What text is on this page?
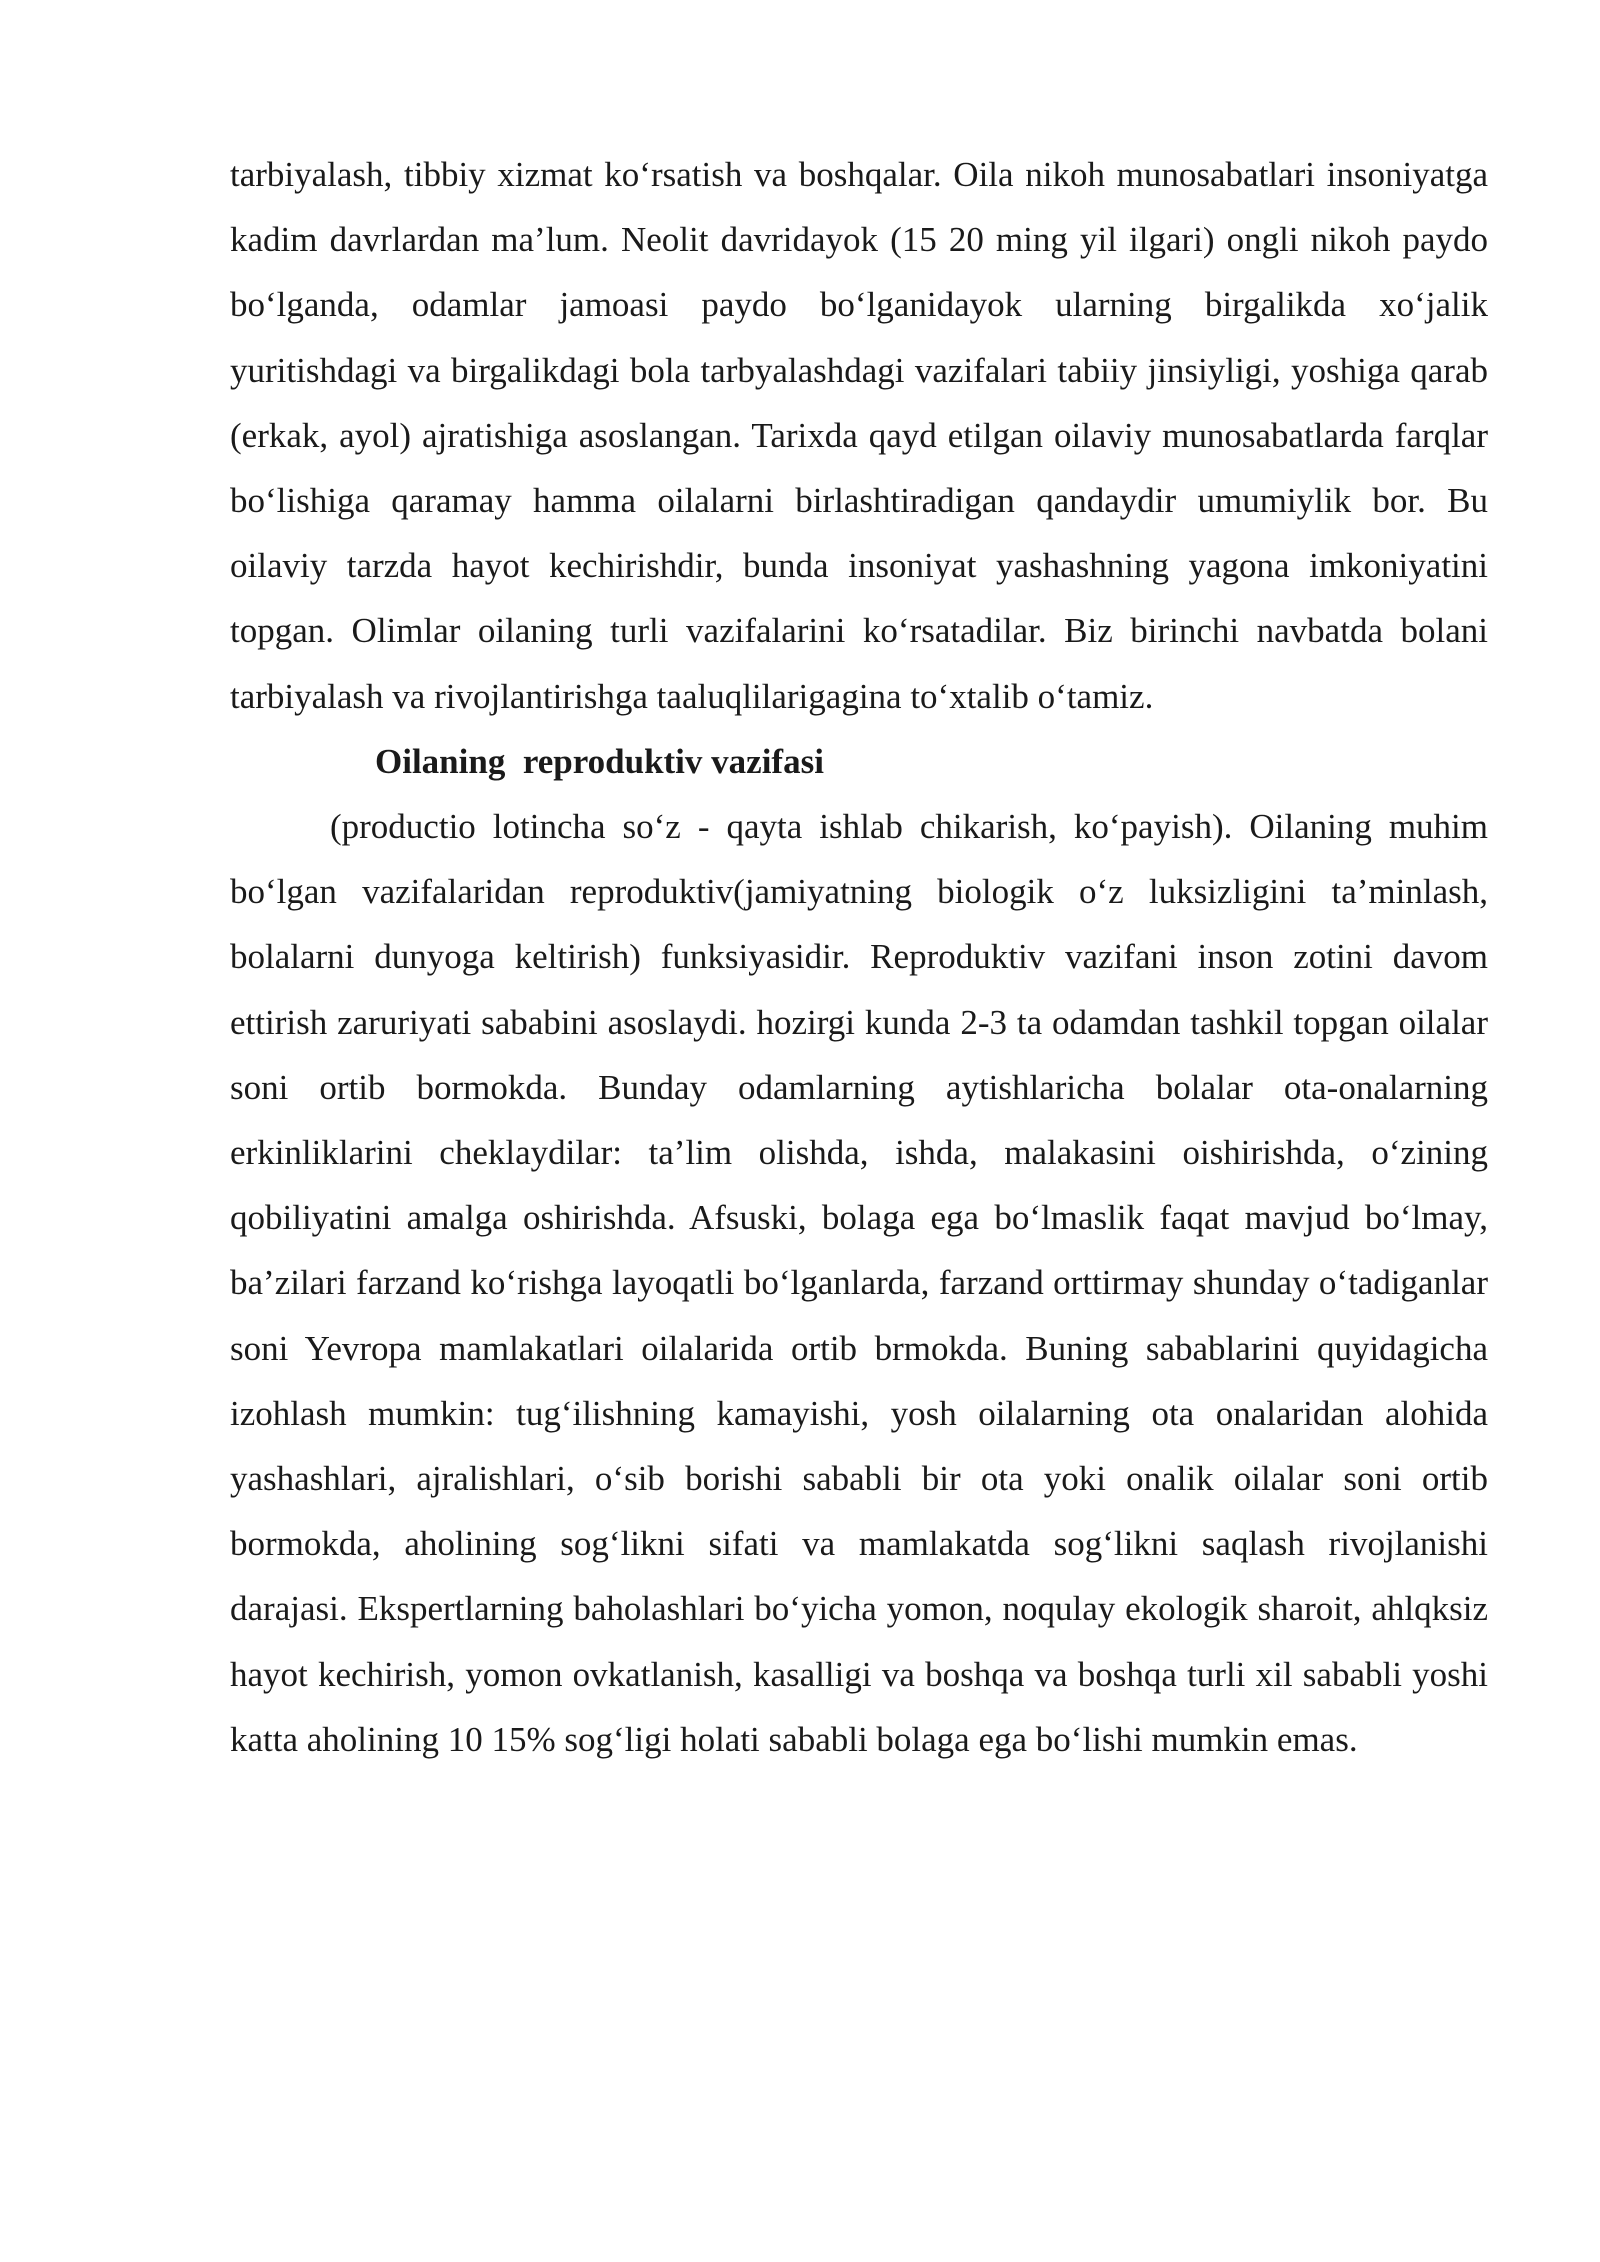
tarbiyalash, tibbiy xizmat ko‘rsatish va boshqalar. Oila nikoh munosabatlari insoniyatga kadim davrlardan ma’lum. Neolit davridayok (15 20 ming yil ilgari) ongli nikoh paydo bo‘lganda, odamlar jamoasi paydo bo‘lganidayok ularning birgalikda xo‘jalik yuritishdagi va birgalikdagi bola tarbyalashdagi vazifalari tabiiy jinsiyligi, yoshiga qarab (erkak, ayol) ajratishiga asoslangan. Tarixda qayd etilgan oilaviy munosabatlarda farqlar bo‘lishiga qaramay hamma oilalarni birlashtiradigan qandaydir umumiylik bor. Bu oilaviy tarzda hayot kechirishdir, bunda insoniyat yashashning yagona imkoniyatini topgan. Olimlar oilaning turli vazifalarini ko‘rsatadilar. Biz birinchi navbatda bolani tarbiyalash va rivojlantirishga taaluqlilarigagina to‘xtalib o‘tamiz.

Oilaning  reproduktiv vazifasi

(productio lotincha so‘z - qayta ishlab chikarish, ko‘payish). Oilaning muhim bo‘lgan vazifalaridan reproduktiv(jamiyatning biologik o‘z luksizligini ta’minlash, bolalarni dunyoga keltirish) funksiyasidir. Reproduktiv vazifani inson zotini davom ettirish zaruriyati sababini asoslaydi. hozirgi kunda 2-3 ta odamdan tashkil topgan oilalar soni ortib bormokda. Bunday odamlarning aytishlaricha bolalar ota-onalarning erkinliklarini cheklaydilar: ta’lim olishda, ishda, malakasini oishirishda, o‘zining qobiliyatini amalga oshirishda. Afsuski, bolaga ega bo‘lmaslik faqat mavjud bo‘lmay, ba’zilari farzand ko‘rishga layoqatli bo‘lganlarda, farzand orttirmay shunday o‘tadiganlar soni Yevropa mamlakatlari oilalarida ortib brmokda. Buning sabablarini quyidagicha izohlash mumkin: tug‘ilishning kamayishi, yosh oilalarning ota onalaridan alohida yashashlari, ajralishlari, o‘sib borishi sababli bir ota yoki onalik oilalar soni ortib bormokda, aholining sog‘likni sifati va mamlakatda sog‘likni saqlash rivojlanishi darajasi. Ekspertlarning baholashlari bo‘yicha yomon, noqulay ekologik sharoit, ahlqksiz hayot kechirish, yomon ovkatlanish, kasalligi va boshqa va boshqa turli xil sababli yoshi katta aholining 10 15% sog‘ligi holati sababli bolaga ega bo‘lishi mumkin emas.
